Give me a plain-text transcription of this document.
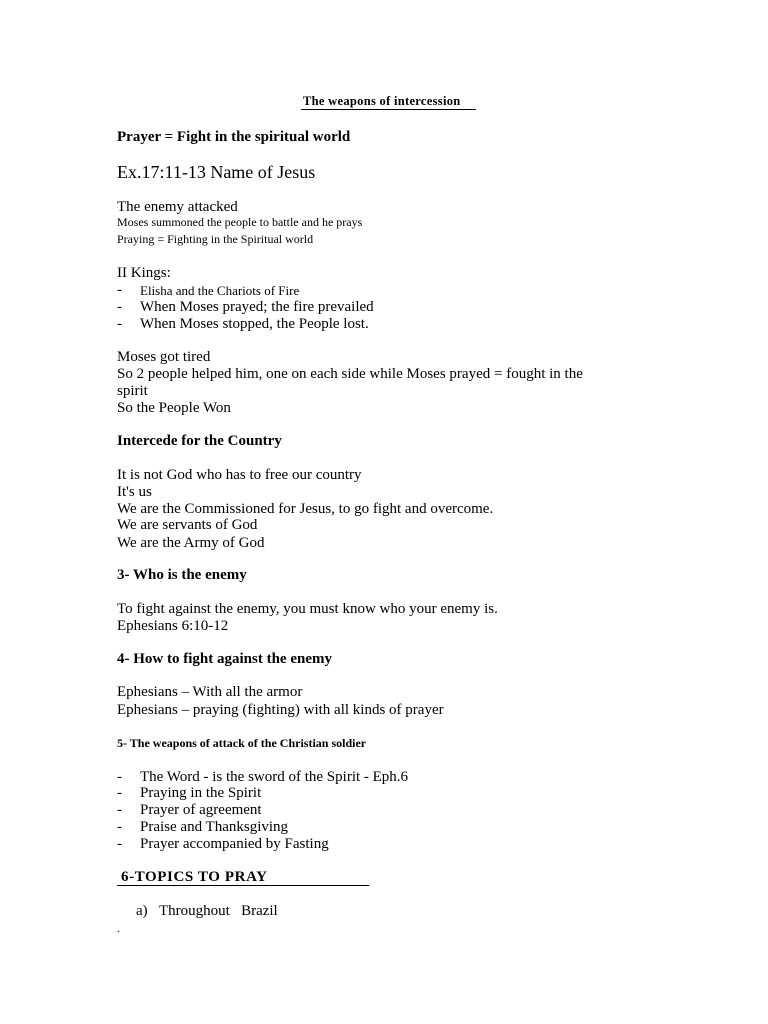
The weapons of intercession
Prayer = Fight in the spiritual world
Ex.17:11-13 Name of Jesus
The enemy attacked
Moses summoned the people to battle and he prays
Praying = Fighting in the Spiritual world
II Kings:
- Elisha and the Chariots of Fire
- When Moses prayed; the fire prevailed
- When Moses stopped, the People lost.
Moses got tired
So 2 people helped him, one on each side while Moses prayed = fought in the
spirit
So the People Won
Intercede for the Country
It is not God who has to free our country
It's us
We are the Commissioned for Jesus, to go fight and overcome.
We are servants of God
We are the Army of God
3- Who is the enemy
To fight against the enemy, you must know who your enemy is.
Ephesians 6:10-12
4- How to fight against the enemy
Ephesians – With all the armor
Ephesians – praying (fighting) with all kinds of prayer
5- The weapons of attack of the Christian soldier
- The Word - is the sword of the Spirit - Eph.6
- Praying in the Spirit
- Prayer of agreement
- Praise and Thanksgiving
- Prayer accompanied by Fasting
6-TOPICS TO PRAY
a) Throughout   Brazil
.
